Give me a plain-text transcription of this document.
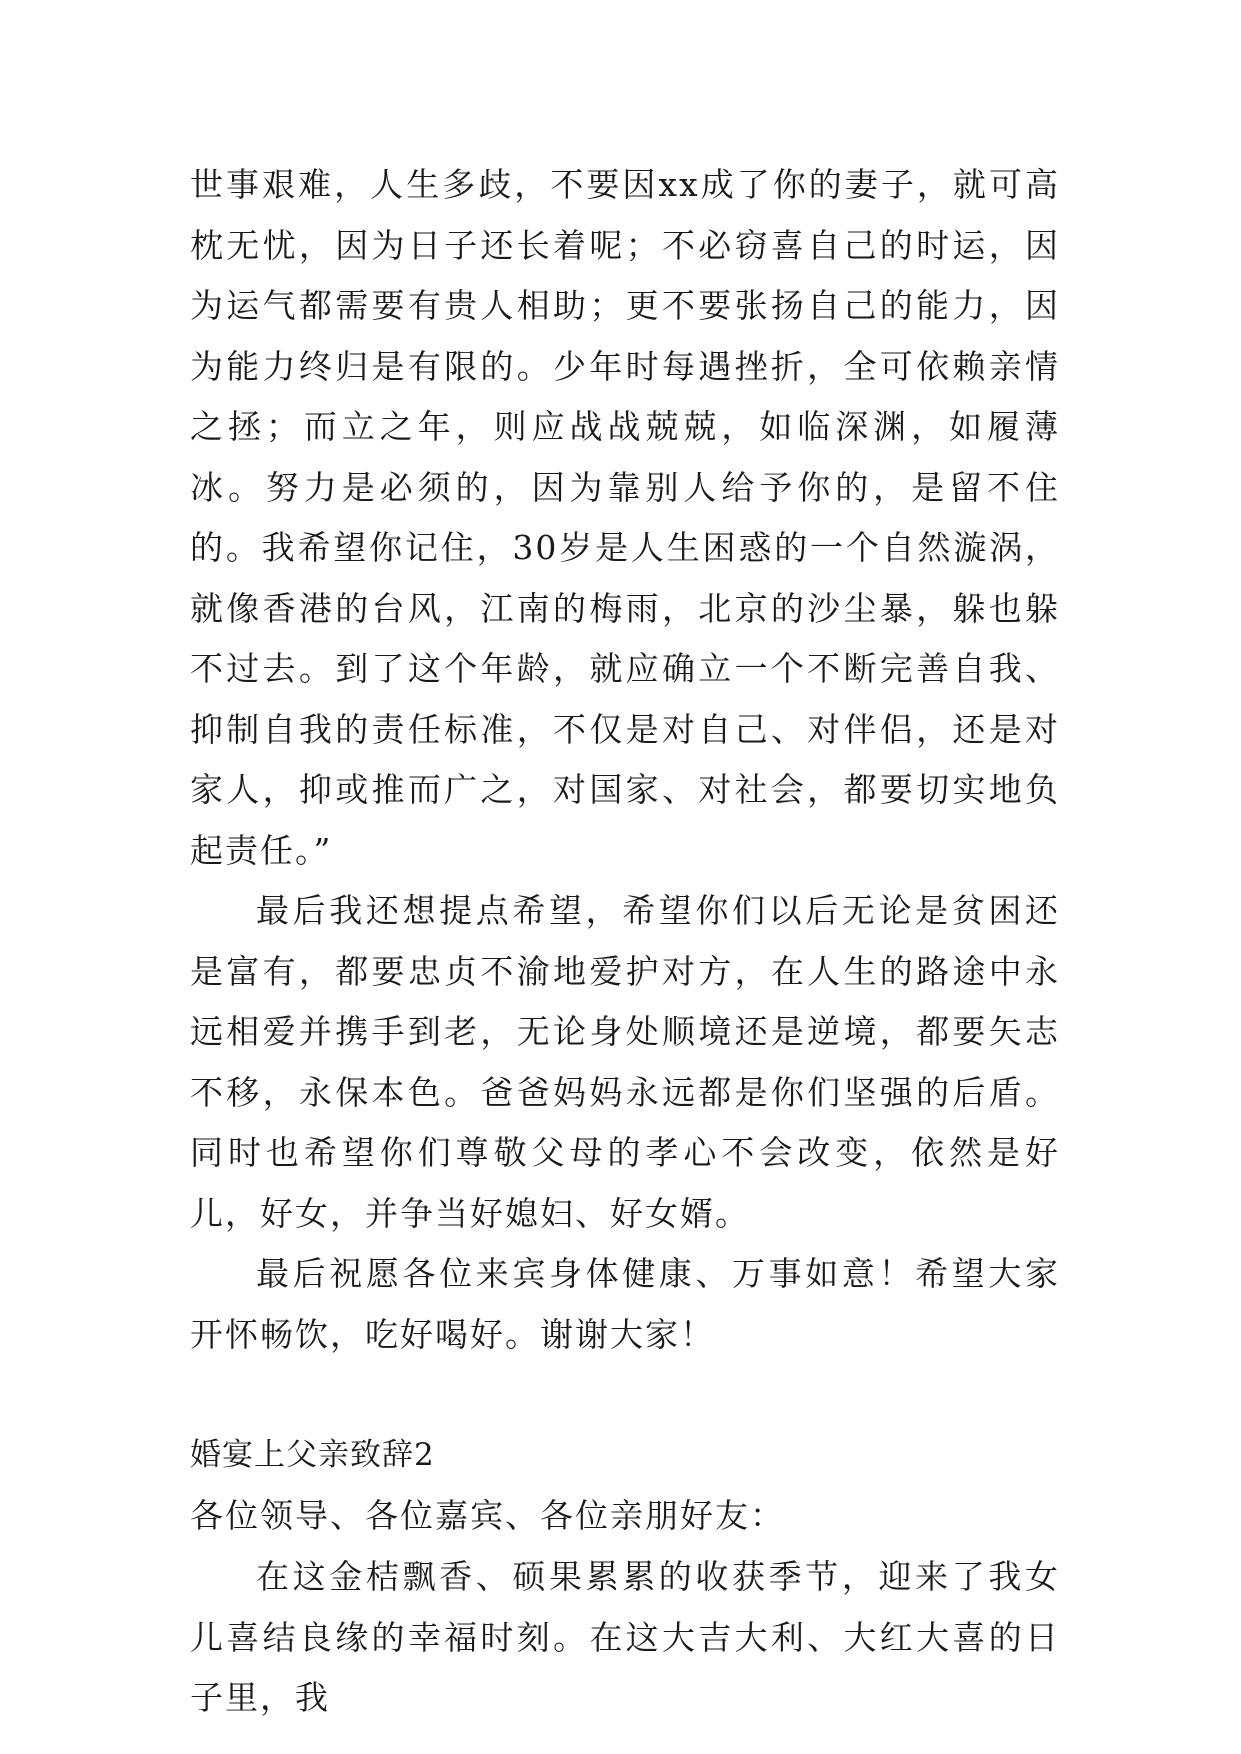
世事艰难，人生多歧，不要因xx成了你的妻子，就可高枕无忧，因为日子还长着呢；不必窃喜自己的时运，因为运气都需要有贵人相助；更不要张扬自己的能力，因为能力终归是有限的。少年时每遇挫折，全可依赖亲情之拯；而立之年，则应战战兢兢，如临深渊，如履薄冰。努力是必须的，因为靠别人给予你的，是留不住的。我希望你记住，30岁是人生困惑的一个自然漩涡，就像香港的台风，江南的梅雨，北京的沙尘暴，躲也躲不过去。到了这个年龄，就应确立一个不断完善自我、抑制自我的责任标准，不仅是对自己、对伴侣，还是对家人，抑或推而广之，对国家、对社会，都要切实地负起责任。”

最后我还想提点希望，希望你们以后无论是贫困还是富有，都要忠贞不渝地爱护对方，在人生的路途中永远相爱并携手到老，无论身处顺境还是逆境，都要矢志不移，永保本色。爸爸妈妈永远都是你们坚强的后盾。同时也希望你们尊敬父母的孝心不会改变，依然是好儿，好女，并争当好媳妇、好女婿。

最后祝愿各位来宾身体健康、万事如意！希望大家开怀畅饮，吃好喝好。谢谢大家！

婚宴上父亲致辞2

各位领导、各位嘉宾、各位亲朋好友：

在这金桔飘香、硕果累累的收获季节，迎来了我女儿喜结良缘的幸福时刻。在这大吉大利、大红大喜的日子里，我
